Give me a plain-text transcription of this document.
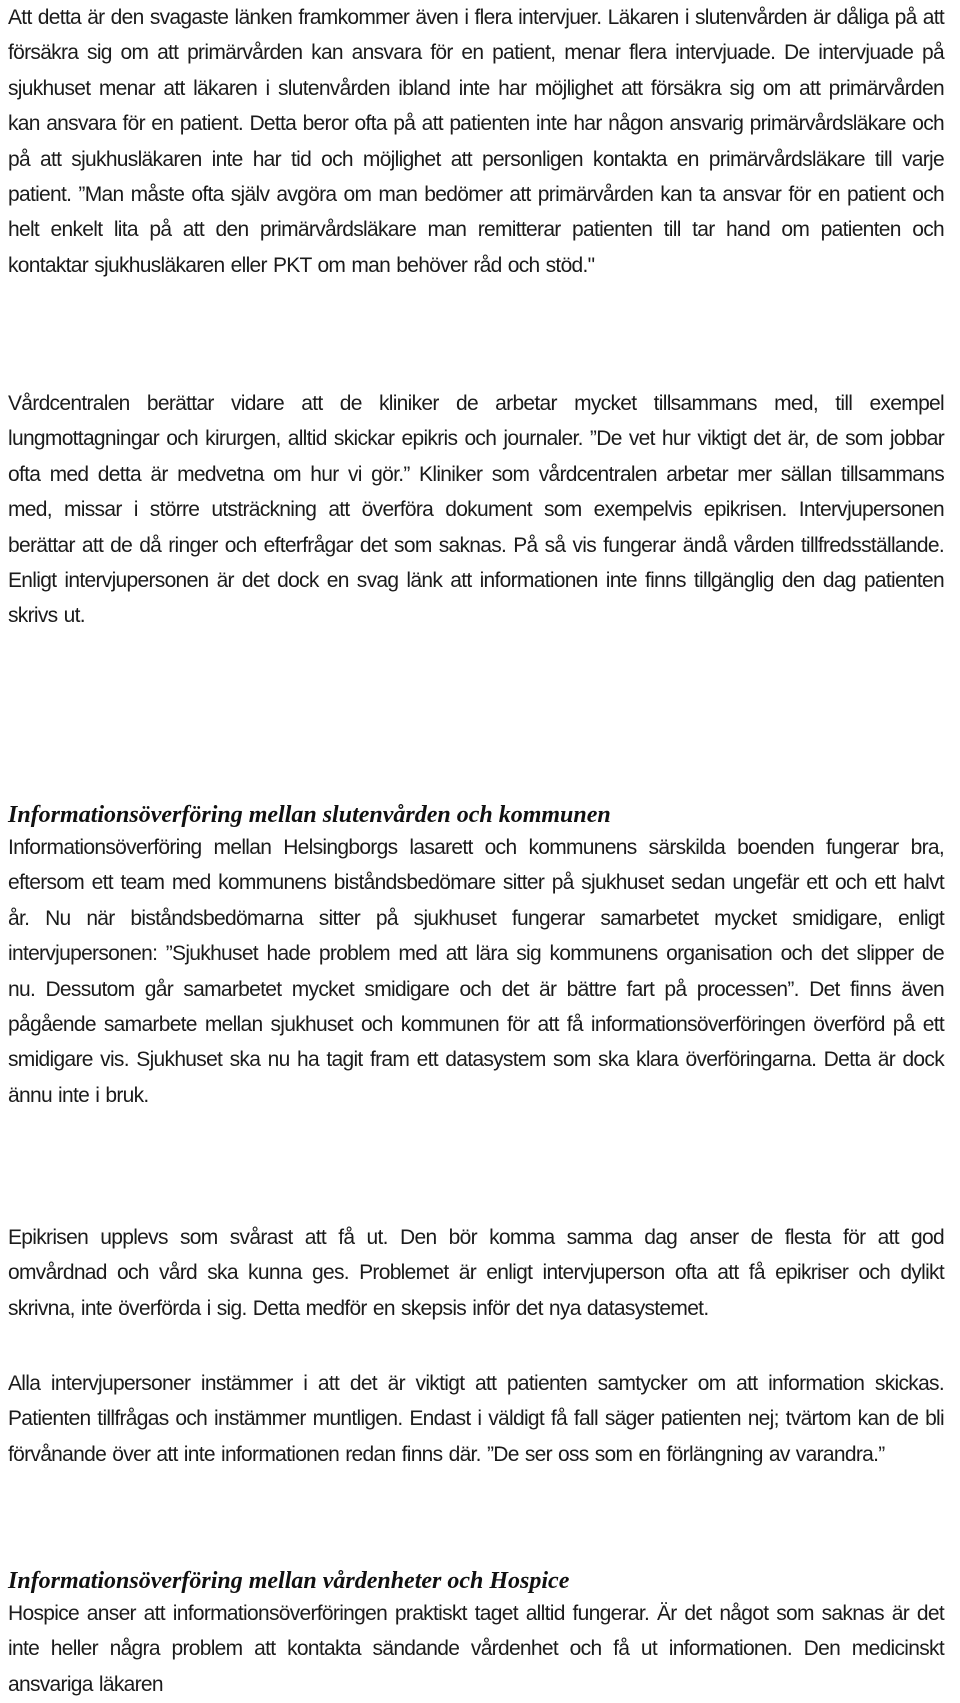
Att detta är den svagaste länken framkommer även i flera intervjuer. Läkaren i slutenvården är dåliga på att försäkra sig om att primärvården kan ansvara för en patient, menar flera intervjuade. De intervjuade på sjukhuset menar att läkaren i slutenvården ibland inte har möjlighet att försäkra sig om att primärvården kan ansvara för en patient. Detta beror ofta på att patienten inte har någon ansvarig primärvårdsläkare och på att sjukhusläkaren inte har tid och möjlighet att personligen kontakta en primärvårdsläkare till varje patient. ”Man måste ofta själv avgöra om man bedömer att primärvården kan ta ansvar för en patient och helt enkelt lita på att den primärvårdsläkare man remitterar patienten till tar hand om patienten och kontaktar sjukhusläkaren eller PKT om man behöver råd och stöd."

Vårdcentralen berättar vidare att de kliniker de arbetar mycket tillsammans med, till exempel lungmottagningar och kirurgen, alltid skickar epikris och journaler. ”De vet hur viktigt det är, de som jobbar ofta med detta är medvetna om hur vi gör.” Kliniker som vårdcentralen arbetar mer sällan tillsammans med, missar i större utsträckning att överföra dokument som exempelvis epikrisen. Intervjupersonen berättar att de då ringer och efterfrågar det som saknas. På så vis fungerar ändå vården tillfredsställande. Enligt intervjupersonen är det dock en svag länk att informationen inte finns tillgänglig den dag patienten skrivs ut.

Informationsöverföring mellan slutenvården och kommunen

Informationsöverföring mellan Helsingborgs lasarett och kommunens särskilda boenden fungerar bra, eftersom ett team med kommunens biståndsbedömare sitter på sjukhuset sedan ungefär ett och ett halvt år. Nu när biståndsbedömarna sitter på sjukhuset fungerar samarbetet mycket smidigare, enligt intervjupersonen: ”Sjukhuset hade problem med att lära sig kommunens organisation och det slipper de nu. Dessutom går samarbetet mycket smidigare och det är bättre fart på processen”. Det finns även pågående samarbete mellan sjukhuset och kommunen för att få informationsöverföringen överförd på ett smidigare vis. Sjukhuset ska nu ha tagit fram ett datasystem som ska klara överföringarna. Detta är dock ännu inte i bruk.

Epikrisen upplevs som svårast att få ut. Den bör komma samma dag anser de flesta för att god omvårdnad och vård ska kunna ges. Problemet är enligt intervjuperson ofta att få epikriser och dylikt skrivna, inte överförda i sig. Detta medför en skepsis inför det nya datasystemet.

Alla intervjupersoner instämmer i att det är viktigt att patienten samtycker om att information skickas. Patienten tillfrågas och instämmer muntligen. Endast i väldigt få fall säger patienten nej; tvärtom kan de bli förvånande över att inte informationen redan finns där. ”De ser oss som en förlängning av varandra.”

Informationsöverföring mellan vårdenheter och Hospice

Hospice anser att informationsöverföringen praktiskt taget alltid fungerar. Är det något som saknas är det inte heller några problem att kontakta sändande vårdenhet och få ut informationen. Den medicinskt ansvariga läkaren
